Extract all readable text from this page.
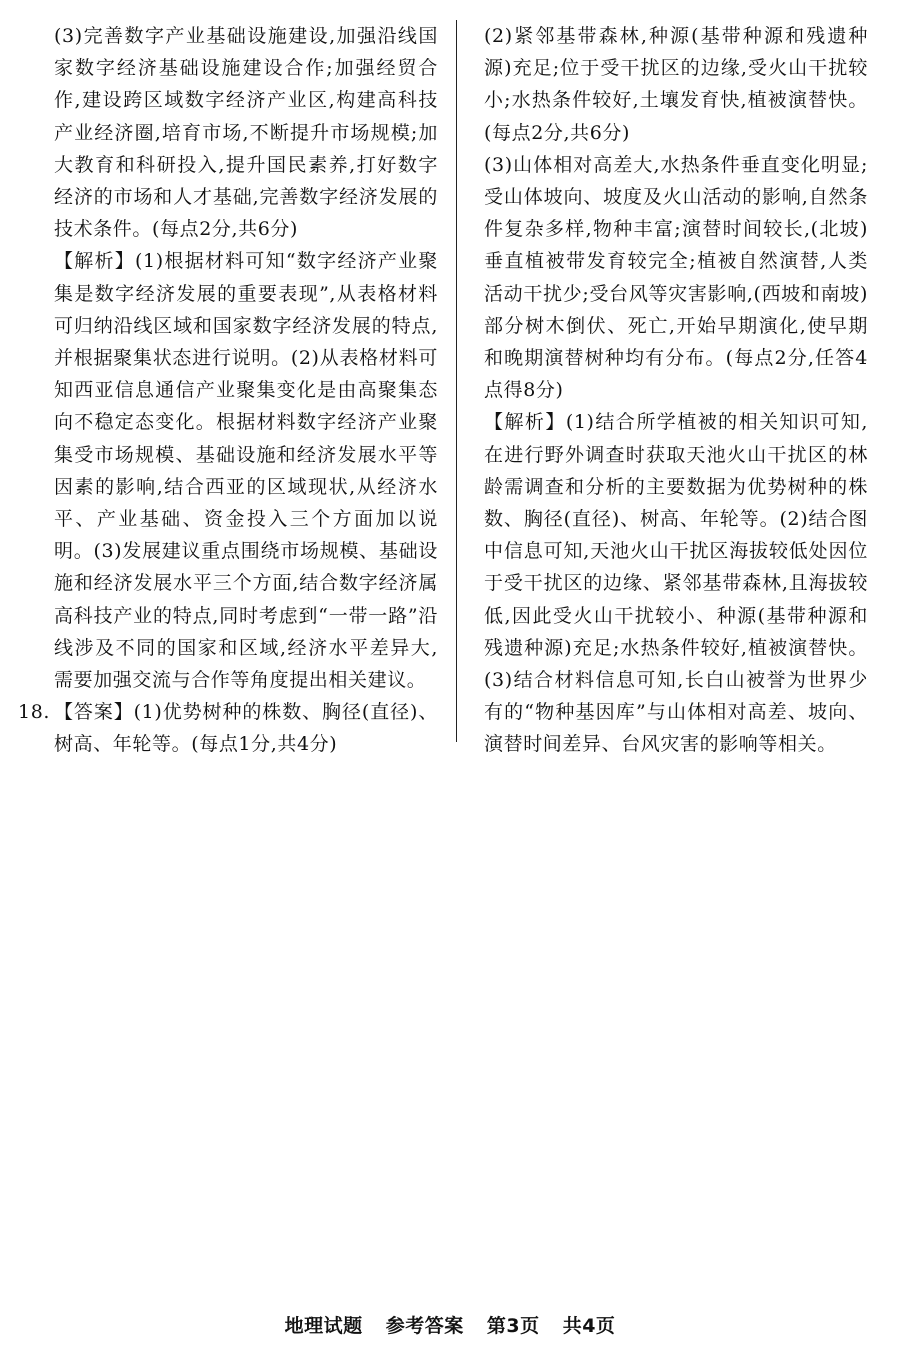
(3)完善数字产业基础设施建设,加强沿线国家数字经济基础设施建设合作;加强经贸合作,建设跨区域数字经济产业区,构建高科技产业经济圈,培育市场,不断提升市场规模;加大教育和科研投入,提升国民素养,打好数字经济的市场和人才基础,完善数字经济发展的技术条件。(每点2分,共6分)

【解析】(1)根据材料可知“数字经济产业聚集是数字经济发展的重要表现”,从表格材料可归纳沿线区域和国家数字经济发展的特点,并根据聚集状态进行说明。(2)从表格材料可知西亚信息通信产业聚集变化是由高聚集态向不稳定态变化。根据材料数字经济产业聚集受市场规模、基础设施和经济发展水平等因素的影响,结合西亚的区域现状,从经济水平、产业基础、资金投入三个方面加以说明。(3)发展建议重点围绕市场规模、基础设施和经济发展水平三个方面,结合数字经济属高科技产业的特点,同时考虑到“一带一路”沿线涉及不同的国家和区域,经济水平差异大,需要加强交流与合作等角度提出相关建议。

18. 【答案】(1)优势树种的株数、胸径(直径)、树高、年轮等。(每点1分,共4分)

(2)紧邻基带森林,种源(基带种源和残遗种源)充足;位于受干扰区的边缘,受火山干扰较小;水热条件较好,土壤发育快,植被演替快。(每点2分,共6分)

(3)山体相对高差大,水热条件垂直变化明显;受山体坡向、坡度及火山活动的影响,自然条件复杂多样,物种丰富;演替时间较长,(北坡)垂直植被带发育较完全;植被自然演替,人类活动干扰少;受台风等灾害影响,(西坡和南坡)部分树木倒伏、死亡,开始早期演化,使早期和晚期演替树种均有分布。(每点2分,任答4点得8分)

【解析】(1)结合所学植被的相关知识可知,在进行野外调查时获取天池火山干扰区的林龄需调查和分析的主要数据为优势树种的株数、胸径(直径)、树高、年轮等。(2)结合图中信息可知,天池火山干扰区海拔较低处因位于受干扰区的边缘、紧邻基带森林,且海拔较低,因此受火山干扰较小、种源(基带种源和残遗种源)充足;水热条件较好,植被演替快。(3)结合材料信息可知,长白山被誉为世界少有的“物种基因库”与山体相对高差、坡向、演替时间差异、台风灾害的影响等相关。

地理试题 参考答案 第3页 共4页
